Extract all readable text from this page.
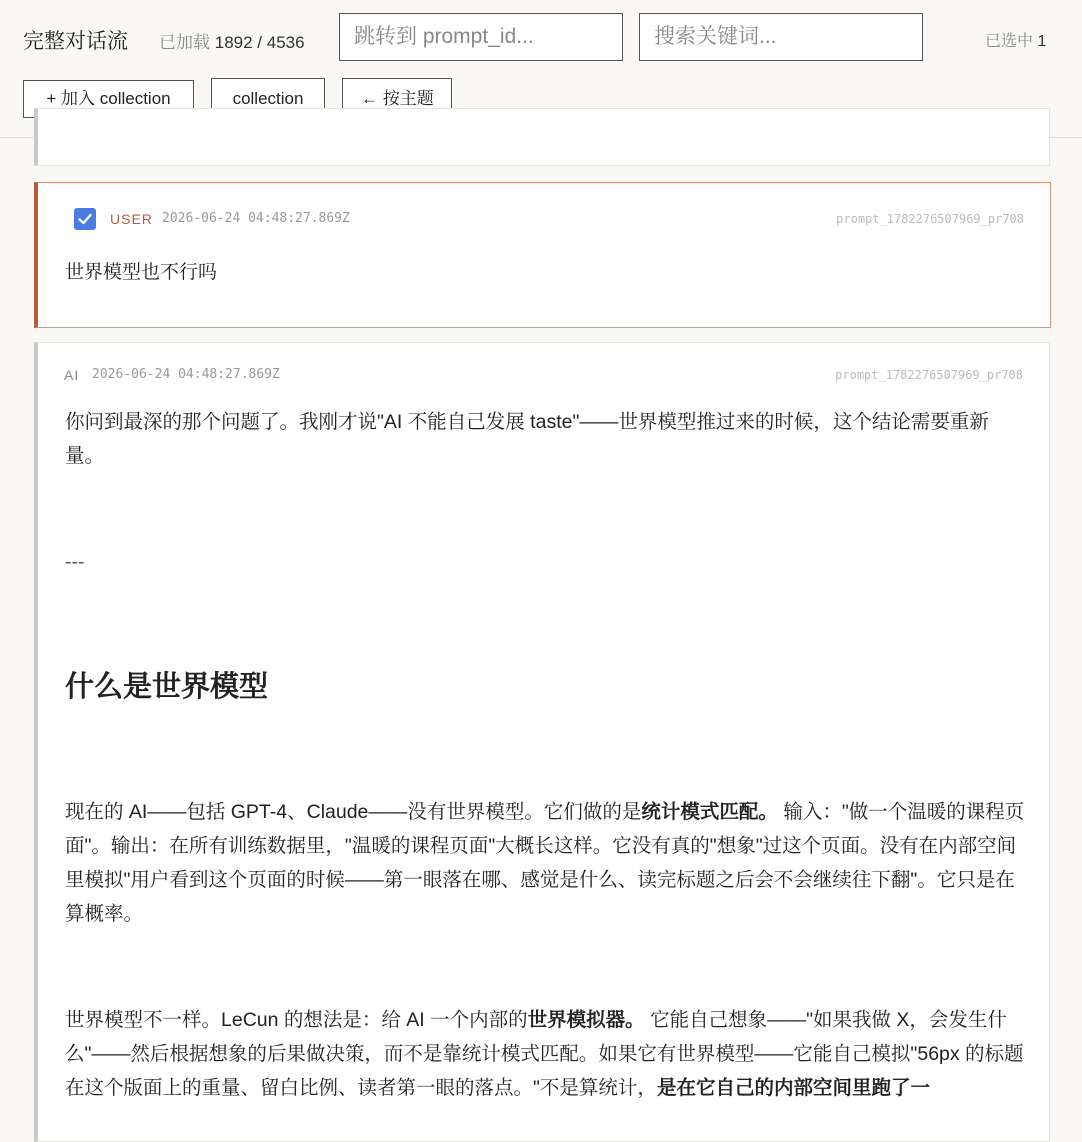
完整对话流 已加载 1892 / 4536
跳转到 prompt_id...
搜索关键词...	已选中 1
+ 加入 collection	collection	← 按主题
USER 2026-06-24 04:48:27.869Z	prompt_1782276507969_pr708
世界模型也不行吗
AI 2026-06-24 04:48:27.869Z	prompt_1782276507969_pr708

你问到最深的那个问题了。我刚才说"AI 不能自己发展 taste"——世界模型推过来的时候，这个结论需要重新量。

---

什么是世界模型

现在的 AI——包括 GPT-4、Claude——没有世界模型。它们做的是统计模式匹配。 输入："做一个温暖的课程页面"。输出：在所有训练数据里，"温暖的课程页面"大概长这样。它没有真的"想象"过这个页面。没有在内部空间里模拟"用户看到这个页面的时候——第一眼落在哪、感觉是什么、读完标题之后会不会继续往下翻"。它只是在算概率。

世界模型不一样。LeCun 的想法是：给 AI 一个内部的世界模拟器。 它能自己想象——"如果我做 X，会发生什么"——然后根据想象的后果做决策，而不是靠统计模式匹配。如果它有世界模型——它能自己模拟"56px 的标题在这个版面上的重量、留白比例、读者第一眼的落点。"不是算统计，是在它自己的内部空间里跑了一
